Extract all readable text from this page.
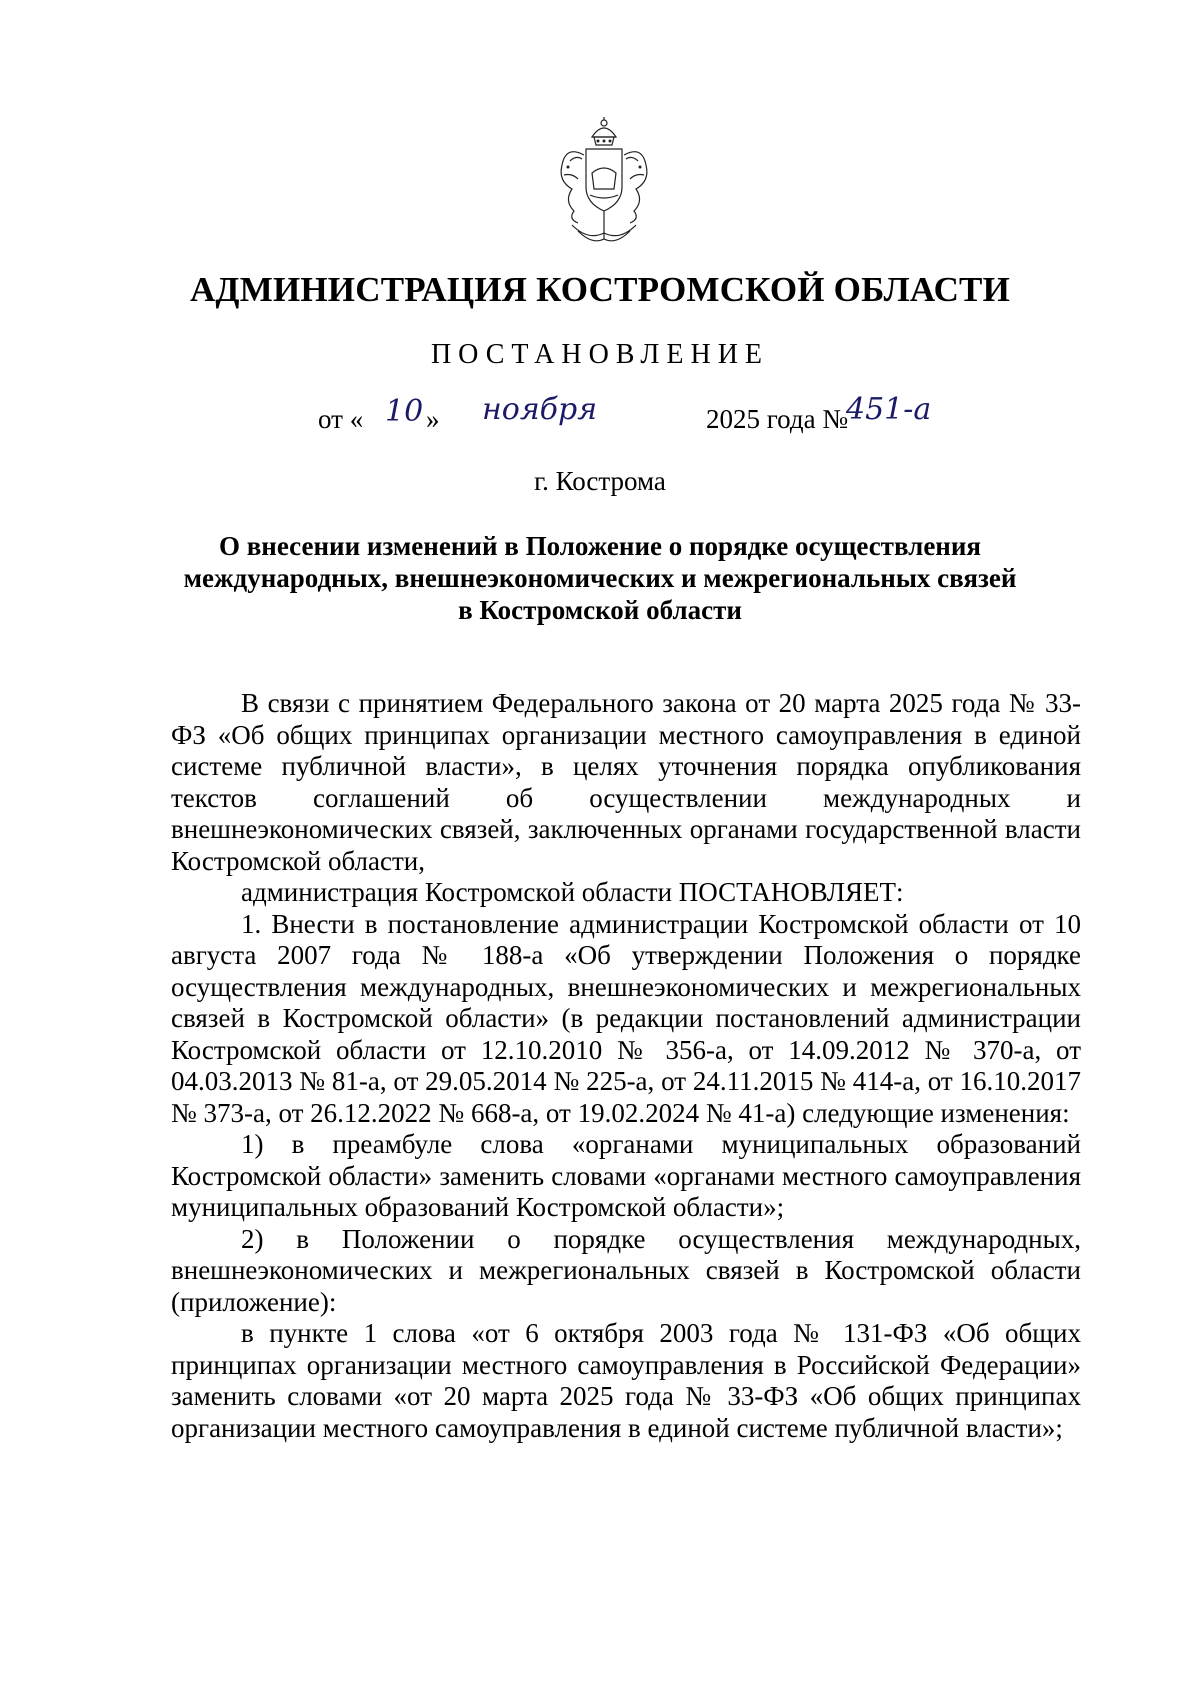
АДМИНИСТРАЦИЯ КОСТРОМСКОЙ ОБЛАСТИ
ПОСТАНОВЛЕНИЕ
от « 10 » ноября	2025 года №
451-а
г. Кострома
О внесении изменений в Положение о порядке осуществления
международных, внешнеэкономических и межрегиональных связей
в Костромской области

В связи с принятием Федерального закона от 20 марта 2025 года № 33-ФЗ «Об общих принципах организации местного самоуправления в единой системе публичной власти», в целях уточнения порядка опубликования текстов соглашений об осуществлении международных и внешнеэкономических связей, заключенных органами государственной власти Костромской области,

администрация Костромской области ПОСТАНОВЛЯЕТ:

1. Внести в постановление администрации Костромской области от 10 августа 2007 года № 188-а «Об утверждении Положения о порядке осуществления международных, внешнеэкономических и межрегиональных связей в Костромской области» (в редакции постановлений администрации Костромской области от 12.10.2010 № 356-а, от 14.09.2012 № 370-а, от 04.03.2013 № 81-а, от 29.05.2014 № 225-а, от 24.11.2015 № 414-а, от 16.10.2017 № 373-а, от 26.12.2022 № 668-а, от 19.02.2024 № 41-а) следующие изменения:

1) в преамбуле слова «органами муниципальных образований Костромской области» заменить словами «органами местного самоуправления муниципальных образований Костромской области»;

2) в Положении о порядке осуществления международных, внешнеэкономических и межрегиональных связей в Костромской области (приложение):

в пункте 1 слова «от 6 октября 2003 года № 131-ФЗ «Об общих принципах организации местного самоуправления в Российской Федерации» заменить словами «от 20 марта 2025 года № 33-ФЗ «Об общих принципах организации местного самоуправления в единой системе публичной власти»;
